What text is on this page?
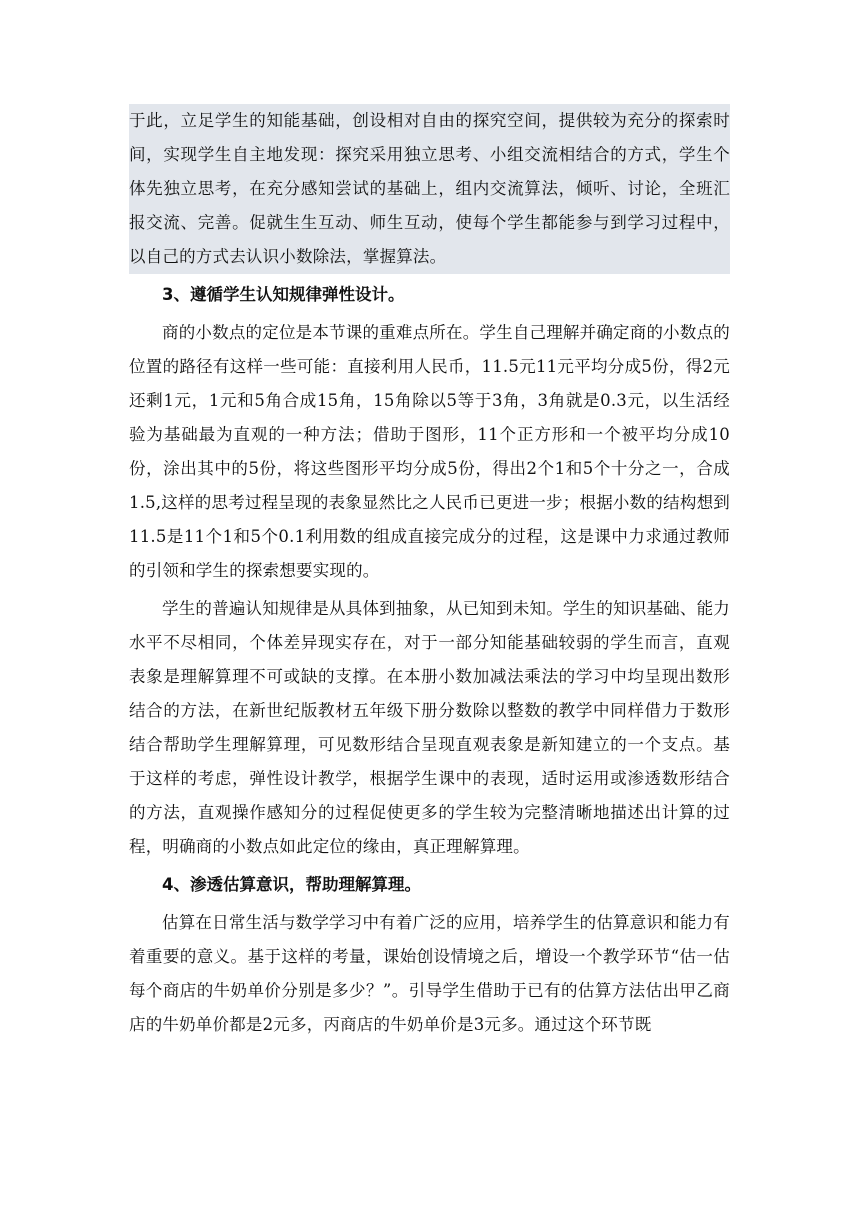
于此，立足学生的知能基础，创设相对自由的探究空间，提供较为充分的探索时间，实现学生自主地发现：探究采用独立思考、小组交流相结合的方式，学生个体先独立思考，在充分感知尝试的基础上，组内交流算法，倾听、讨论，全班汇报交流、完善。促就生生互动、师生互动，使每个学生都能参与到学习过程中，以自己的方式去认识小数除法，掌握算法。

3、遵循学生认知规律弹性设计。

商的小数点的定位是本节课的重难点所在。学生自己理解并确定商的小数点的位置的路径有这样一些可能：直接利用人民币，11.5元11元平均分成5份，得2元还剩1元，1元和5角合成15角，15角除以5等于3角，3角就是0.3元，以生活经验为基础最为直观的一种方法；借助于图形，11个正方形和一个被平均分成10份，涂出其中的5份，将这些图形平均分成5份，得出2个1和5个十分之一，合成1.5,这样的思考过程呈现的表象显然比之人民币已更进一步；根据小数的结构想到11.5是11个1和5个0.1利用数的组成直接完成分的过程，这是课中力求通过教师的引领和学生的探索想要实现的。

学生的普遍认知规律是从具体到抽象，从已知到未知。学生的知识基础、能力水平不尽相同，个体差异现实存在，对于一部分知能基础较弱的学生而言，直观表象是理解算理不可或缺的支撑。在本册小数加减法乘法的学习中均呈现出数形结合的方法，在新世纪版教材五年级下册分数除以整数的教学中同样借力于数形结合帮助学生理解算理，可见数形结合呈现直观表象是新知建立的一个支点。基于这样的考虑，弹性设计教学，根据学生课中的表现，适时运用或渗透数形结合的方法，直观操作感知分的过程促使更多的学生较为完整清晰地描述出计算的过程，明确商的小数点如此定位的缘由，真正理解算理。

4、渗透估算意识，帮助理解算理。

估算在日常生活与数学学习中有着广泛的应用，培养学生的估算意识和能力有着重要的意义。基于这样的考量，课始创设情境之后，增设一个教学环节“估一估每个商店的牛奶单价分别是多少？”。引导学生借助于已有的估算方法估出甲乙商店的牛奶单价都是2元多，丙商店的牛奶单价是3元多。通过这个环节既
